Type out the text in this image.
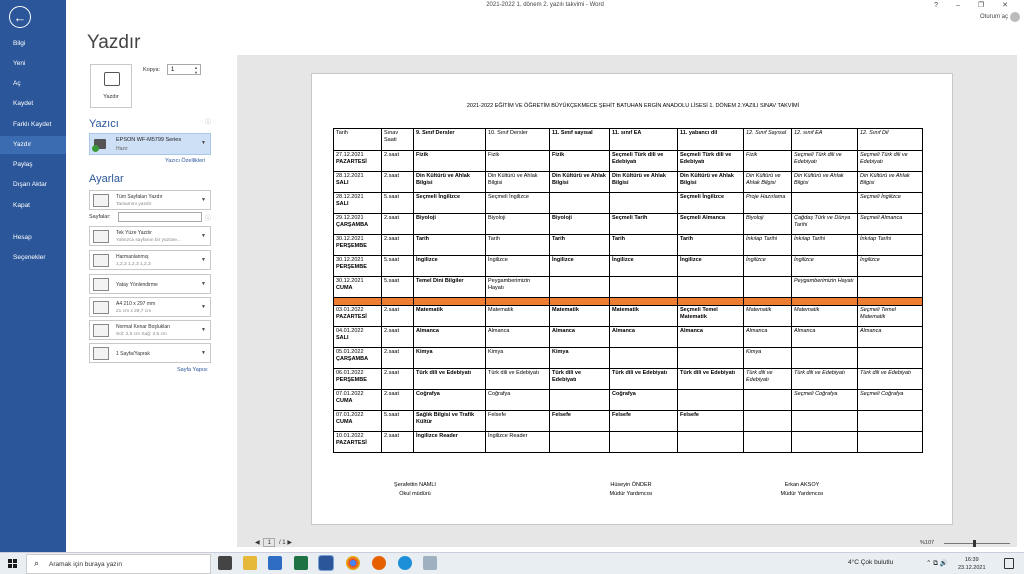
←
Bilgi
Yeni
Aç
Kaydet
Farklı Kaydet
Yazdır
Paylaş
Dışarı Aktar
Kapat
Hesap
Seçenekler
2021-2022 1. dönem 2. yazılı takvimi - Word	? – ❐ ✕
Oturum aç
Yazdır
Yazdır
Kopya:	1	▲
▼
Yazıcı	ⓘ
EPSON WF-M5799 Series
Hazır
▼
Yazıcı Özellikleri
Ayarlar
Tüm Sayfaları Yazdır
Tamamını yazdır
▼
Sayfalar:	ⓘ
Tek Yüze Yazdır
Yalnızca sayfanın bir yüzüne...
▼
Harmanlanmış
1,2,3 1,2,3 1,2,3
▼
Yatay Yönlendirme	▼
A4 210 x 297 mm
21 cm x 29,7 cm
▼
Normal Kenar Boşlukları
Sol: 2,5 cm Sağ: 2,5 cm
▼
1 Sayfa/Yaprak	▼
Sayfa Yapısı
2021-2022 EĞİTİM VE ÖĞRETİM BÜYÜKÇEKMECE ŞEHİT BATUHAN ERGİN ANADOLU LİSESİ 1. DÖNEM 2.YAZILI SINAV TAKVİMİ
Tarih	Sınav Saati	9. Sınıf Dersler	10. Sınıf Dersler	11. Sınıf sayısal	11. sınıf EA	11. yabancı dil	12. Sınıf Sayısal	12. sınıf EA	12. Sınıf Dil

27.12.2021
PAZARTESİ	2.saat	Fizik	Fizik	Fizik	Seçmeli Türk dili ve Edebiyatı	Seçmeli Türk dili ve Edebiyatı	Fizik	Seçmeli Türk dili ve Edebiyatı	Seçmeli Türk dili ve Edebiyatı

28.12.2021
SALI	2.saat	Din Kültürü ve Ahlak Bilgisi	Din Kültürü ve Ahlak Bilgisi	Din Kültürü ve Ahlak Bilgisi	Din Kültürü ve Ahlak Bilgisi	Din Kültürü ve Ahlak Bilgisi	Din Kültürü ve Ahlak Bilgisi	Din Kültürü ve Ahlak Bilgisi	Din Kültürü ve Ahlak Bilgisi

28.12.2021
SALI	5.saat	Seçmeli İngilizce	Seçmeli İngilizce			Seçmeli İngilizce	Proje Hazırlama		Seçmeli İngilizce

29.12.2021
ÇARŞAMBA	2.saat	Biyoloji	Biyoloji	Biyoloji	Seçmeli Tarih	Seçmeli Almanca	Biyoloji	Çağdaş Türk ve Dünya Tarihi	Seçmeli Almanca

30.12.2021
PERŞEMBE	2.saat	Tarih	Tarih	Tarih	Tarih	Tarih	İnkılap Tarihi	İnkılap Tarihi	İnkılap Tarihi

30.12.2021
PERŞEMBE	5.saat	İngilizce	İngilizce	İngilizce	İngilizce	İngilizce	İngilizce	İngilizce	İngilizce

30.12.2021
CUMA	5.saat	Temel Dini Bilgiler	Peygamberimizin Hayatı					Peygamberimizin Hayatı	

03.01.2022
PAZARTESİ	2.saat	Matematik	Matematik	Matematik	Matematik	Seçmeli Temel Matematik	Matematik	Matematik	Seçmeli Temel Matematik

04.01.2022
SALI	2.saat	Almanca	Almanca	Almanca	Almanca	Almanca	Almanca	Almanca	Almanca

05.01.2022
ÇARŞAMBA	2.saat	Kimya	Kimya	Kimya			Kimya		

06.01.2022
PERŞEMBE	2.saat	Türk dili ve Edebiyatı	Türk dili ve Edebiyatı	Türk dili ve Edebiyatı	Türk dili ve Edebiyatı	Türk dili ve Edebiyatı	Türk dili ve Edebiyatı	Türk dili ve Edebiyatı	Türk dili ve Edebiyatı

07.01.2022
CUMA	2.saat	Coğrafya	Coğrafya		Coğrafya			Seçmeli Coğrafya	Seçmeli Coğrafya

07.01.2022
CUMA	5.saat	Sağlık Bilgisi ve Trafik Kültür	Felsefe	Felsefe	Felsefe	Felsefe			

10.01.2022
PAZARTESİ	2.saat	İngilizce Reader	İngilizce Reader						
Şerafettin NAMLI
Okul müdürü
Hüseyin ÖNDER
Müdür Yardımcısı
Erkan AKSOY
Müdür Yardımcısı
◀ 1 / 1 ▶	%107
⌕ Aramak için buraya yazın	4°C Çok bulutlu	⌃ ⧉ 🔊	16:39
23.12.2021
